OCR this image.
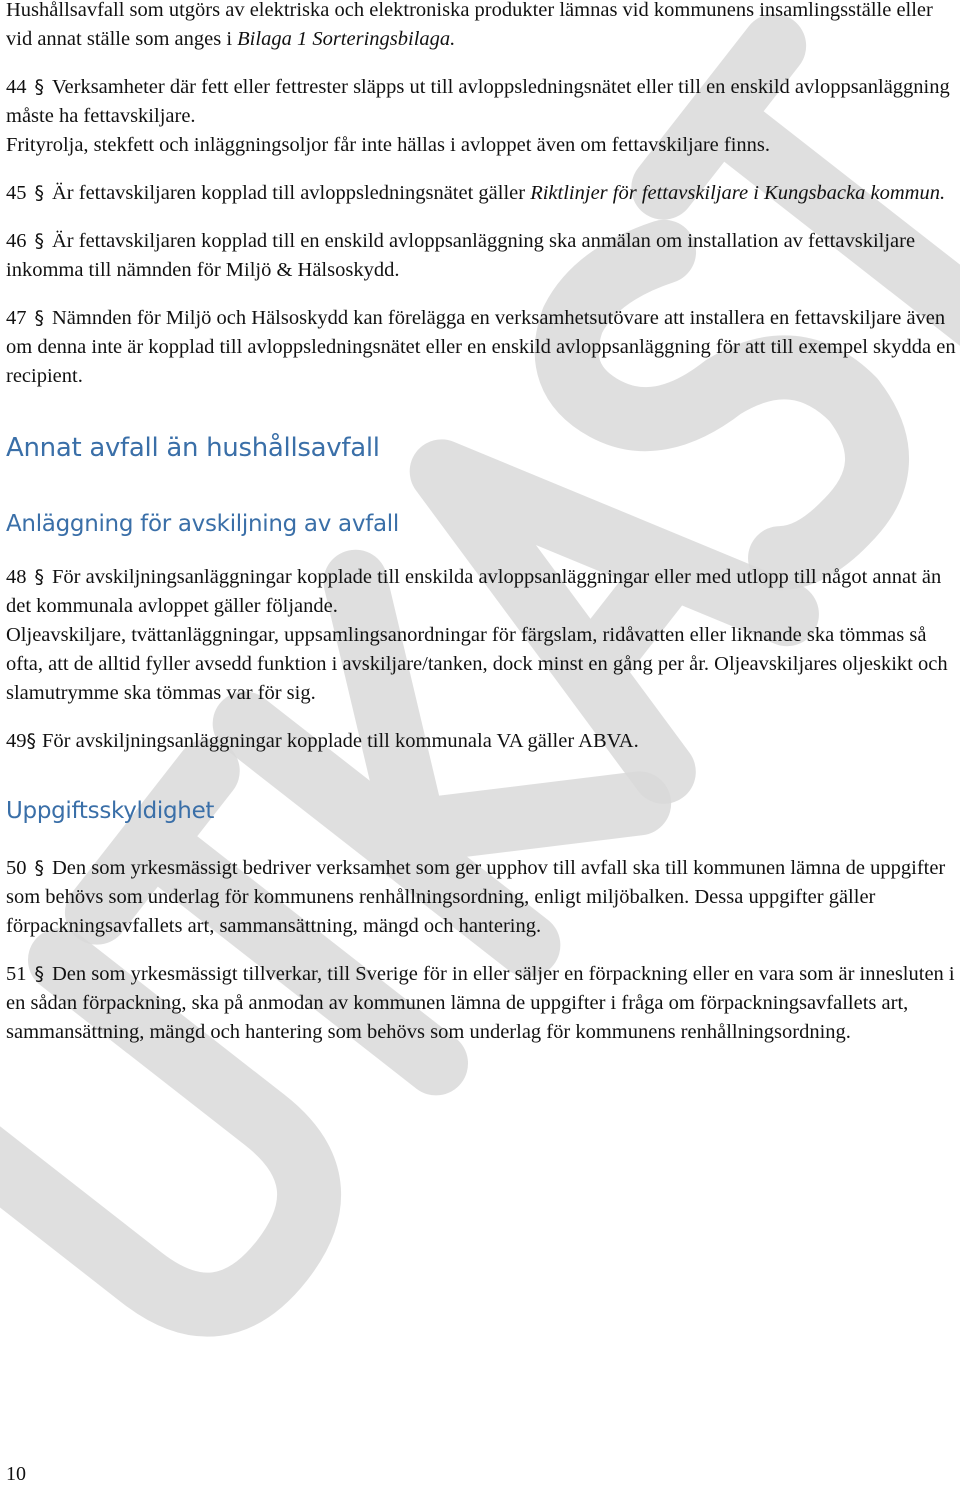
Hushållsavfall som utgörs av elektriska och elektroniska produkter lämnas vid kommunens insamlingsställe eller vid annat ställe som anges i Bilaga 1 Sorteringsbilaga.

44 § Verksamheter där fett eller fettrester släpps ut till avloppsledningsnätet eller till en enskild avloppsanläggning måste ha fettavskiljare.

Frityrolja, stekfett och inläggningsoljor får inte hällas i avloppet även om fettavskiljare finns.

45 § Är fettavskiljaren kopplad till avloppsledningsnätet gäller Riktlinjer för fettavskiljare i Kungsbacka kommun.

46 § Är fettavskiljaren kopplad till en enskild avloppsanläggning ska anmälan om installation av fettavskiljare inkomma till nämnden för Miljö & Hälsoskydd.

47 § Nämnden för Miljö och Hälsoskydd kan förelägga en verksamhetsutövare att installera en fettavskiljare även om denna inte är kopplad till avloppsledningsnätet eller en enskild avloppsanläggning för att till exempel skydda en recipient.

Annat avfall än hushållsavfall
Anläggning för avskiljning av avfall

48 § För avskiljningsanläggningar kopplade till enskilda avloppsanläggningar eller med utlopp till något annat än det kommunala avloppet gäller följande.

Oljeavskiljare, tvättanläggningar, uppsamlingsanordningar för färgslam, ridåvatten eller liknande ska tömmas så ofta, att de alltid fyller avsedd funktion i avskiljare/tanken, dock minst en gång per år. Oljeavskiljares oljeskikt och slamutrymme ska tömmas var för sig.

49§ För avskiljningsanläggningar kopplade till kommunala VA gäller ABVA.

Uppgiftsskyldighet

50 § Den som yrkesmässigt bedriver verksamhet som ger upphov till avfall ska till kommunen lämna de uppgifter som behövs som underlag för kommunens renhållningsordning, enligt miljöbalken. Dessa uppgifter gäller förpackningsavfallets art, sammansättning, mängd och hantering.

51 § Den som yrkesmässigt tillverkar, till Sverige för in eller säljer en förpackning eller en vara som är innesluten i en sådan förpackning, ska på anmodan av kommunen lämna de uppgifter i fråga om förpackningsavfallets art, sammansättning, mängd och hantering som behövs som underlag för kommunens renhållningsordning.

10
